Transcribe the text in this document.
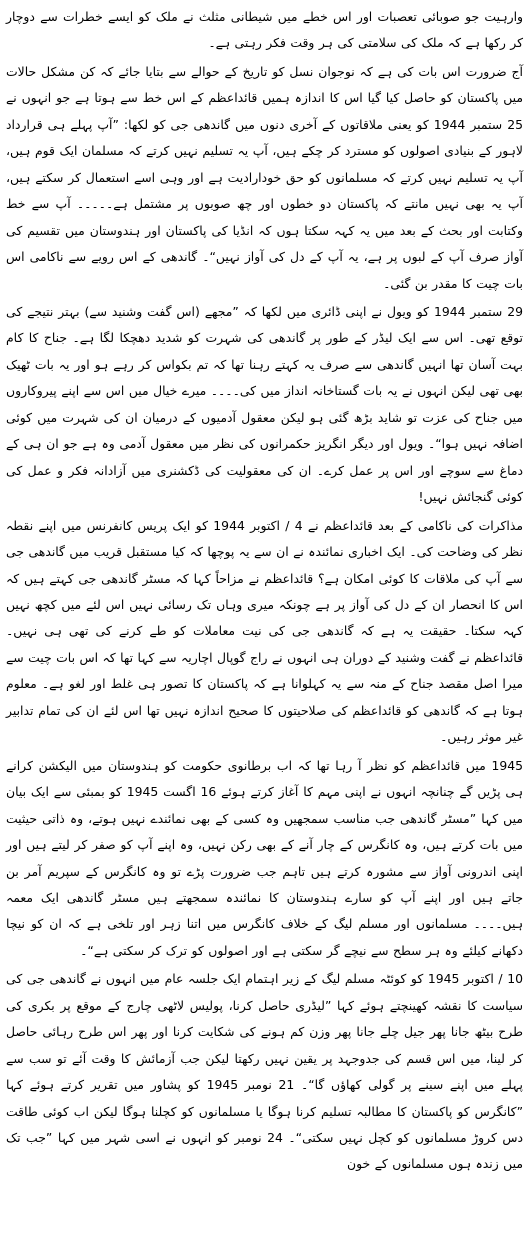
وارہیت جو صوبائی تعصبات اور اس خطے میں شیطانی مثلث نے ملک کو ایسے خطرات سے دوچار کر رکھا ہے کہ ملک کی سلامتی کی ہر وقت فکر رہتی ہے۔

آج ضرورت اس بات کی ہے کہ نوجوان نسل کو تاریخ کے حوالے سے بتایا جائے کہ کن مشکل حالات میں پاکستان کو حاصل کیا گیا اس کا اندازہ ہمیں قائداعظم کے اس خط سے ہوتا ہے جو انہوں نے 25 ستمبر 1944 کو یعنی ملاقاتوں کے آخری دنوں میں گاندھی جی کو لکھا: ”آپ پہلے ہی قرارداد لاہور کے بنیادی اصولوں کو مسترد کر چکے ہیں، آپ یہ تسلیم نہیں کرتے کہ مسلمان ایک قوم ہیں، آپ یہ تسلیم نہیں کرتے کہ مسلمانوں کو حق خودارادیت ہے اور وہی اسے استعمال کر سکتے ہیں، آپ یہ بھی نہیں مانتے کہ پاکستان دو خطوں اور چھ صوبوں پر مشتمل ہے۔۔۔۔۔ آپ سے خط وکتابت اور بحث کے بعد میں یہ کہہ سکتا ہوں کہ انڈیا کی پاکستان اور ہندوستان میں تقسیم کی آواز صرف آپ کے لبوں پر ہے، یہ آپ کے دل کی آواز نہیں“۔ گاندھی کے اس رویے سے ناکامی اس بات چیت کا مقدر بن گئی۔

29 ستمبر 1944 کو ویول نے اپنی ڈائری میں لکھا کہ ”مجھے (اس گفت وشنید سے) بہتر نتیجے کی توقع تھی۔ اس سے ایک لیڈر کے طور پر گاندھی کی شہرت کو شدید دھچکا لگا ہے۔ جناح کا کام بہت آسان تھا انہیں گاندھی سے صرف یہ کہتے رہنا تھا کہ تم بکواس کر رہے ہو اور یہ بات ٹھیک بھی تھی لیکن انہوں نے یہ بات گستاخانہ انداز میں کی۔۔۔۔ میرے خیال میں اس سے اپنے پیروکاروں میں جناح کی عزت تو شاید بڑھ گئی ہو لیکن معقول آدمیوں کے درمیان ان کی شہرت میں کوئی اضافہ نہیں ہوا“۔ ویول اور دیگر انگریز حکمرانوں کی نظر میں معقول آدمی وہ ہے جو ان ہی کے دماغ سے سوچے اور اس پر عمل کرے۔ ان کی معقولیت کی ڈکشنری میں آزادانہ فکر و عمل کی کوئی گنجائش نہیں!

مذاکرات کی ناکامی کے بعد قائداعظم نے 4 / اکتوبر 1944 کو ایک پریس کانفرنس میں اپنے نقطہ نظر کی وضاحت کی۔ ایک اخباری نمائندہ نے ان سے یہ پوچھا کہ کیا مستقبل قریب میں گاندھی جی سے آپ کی ملاقات کا کوئی امکان ہے؟ قائداعظم نے مزاحاً کہا کہ مسٹر گاندھی جی کہتے ہیں کہ اس کا انحصار ان کے دل کی آواز پر ہے چونکہ میری وہاں تک رسائی نہیں اس لئے میں کچھ نہیں کہہ سکتا۔ حقیقت یہ ہے کہ گاندھی جی کی نیت معاملات کو طے کرنے کی تھی ہی نہیں۔ قائداعظم نے گفت وشنید کے دوران ہی انہوں نے راج گوپال اچاریہ سے کہا تھا کہ اس بات چیت سے میرا اصل مقصد جناح کے منہ سے یہ کہلوانا ہے کہ پاکستان کا تصور ہی غلط اور لغو ہے۔ معلوم ہوتا ہے کہ گاندھی کو قائداعظم کی صلاحیتوں کا صحیح اندازہ نہیں تھا اس لئے ان کی تمام تدابیر غیر موثر رہیں۔

1945 میں قائداعظم کو نظر آ رہا تھا کہ اب برطانوی حکومت کو ہندوستان میں الیکشن کرانے ہی پڑیں گے چنانچہ انہوں نے اپنی مہم کا آغاز کرتے ہوئے 16 اگست 1945 کو بمبئی سے ایک بیان میں کہا ”مسٹر گاندھی جب مناسب سمجھیں وہ کسی کے بھی نمائندے نہیں ہوتے، وہ ذاتی حیثیت میں بات کرتے ہیں، وہ کانگرس کے چار آنے کے بھی رکن نہیں، وہ اپنے آپ کو صفر کر لیتے ہیں اور اپنی اندرونی آواز سے مشورہ کرتے ہیں تاہم جب ضرورت پڑے تو وہ کانگرس کے سپریم آمر بن جاتے ہیں اور اپنے آپ کو سارے ہندوستان کا نمائندہ سمجھتے ہیں مسٹر گاندھی ایک معمہ ہیں۔۔۔۔ مسلمانوں اور مسلم لیگ کے خلاف کانگرس میں اتنا زہر اور تلخی ہے کہ ان کو نیچا دکھانے کیلئے وہ ہر سطح سے نیچے گر سکتی ہے اور اصولوں کو ترک کر سکتی ہے“۔

10 / اکتوبر 1945 کو کوئٹہ مسلم لیگ کے زیر اہتمام ایک جلسہ عام میں انہوں نے گاندھی جی کی سیاست کا نقشہ کھینچتے ہوئے کہا ”لیڈری حاصل کرنا، پولیس لاٹھی چارج کے موقع پر بکری کی طرح بیٹھ جانا پھر جیل چلے جانا پھر وزن کم ہونے کی شکایت کرنا اور پھر اس طرح رہائی حاصل کر لینا، میں اس قسم کی جدوجہد پر یقین نہیں رکھتا لیکن جب آزمائش کا وقت آئے تو سب سے پہلے میں اپنے سینے پر گولی کھاؤں گا“۔ 21 نومبر 1945 کو پشاور میں تقریر کرتے ہوئے کہا ”کانگرس کو پاکستان کا مطالبہ تسلیم کرنا ہوگا یا مسلمانوں کو کچلنا ہوگا لیکن اب کوئی طاقت دس کروڑ مسلمانوں کو کچل نہیں سکتی“۔ 24 نومبر کو انہوں نے اسی شہر میں کہا ”جب تک میں زندہ ہوں مسلمانوں کے خون
